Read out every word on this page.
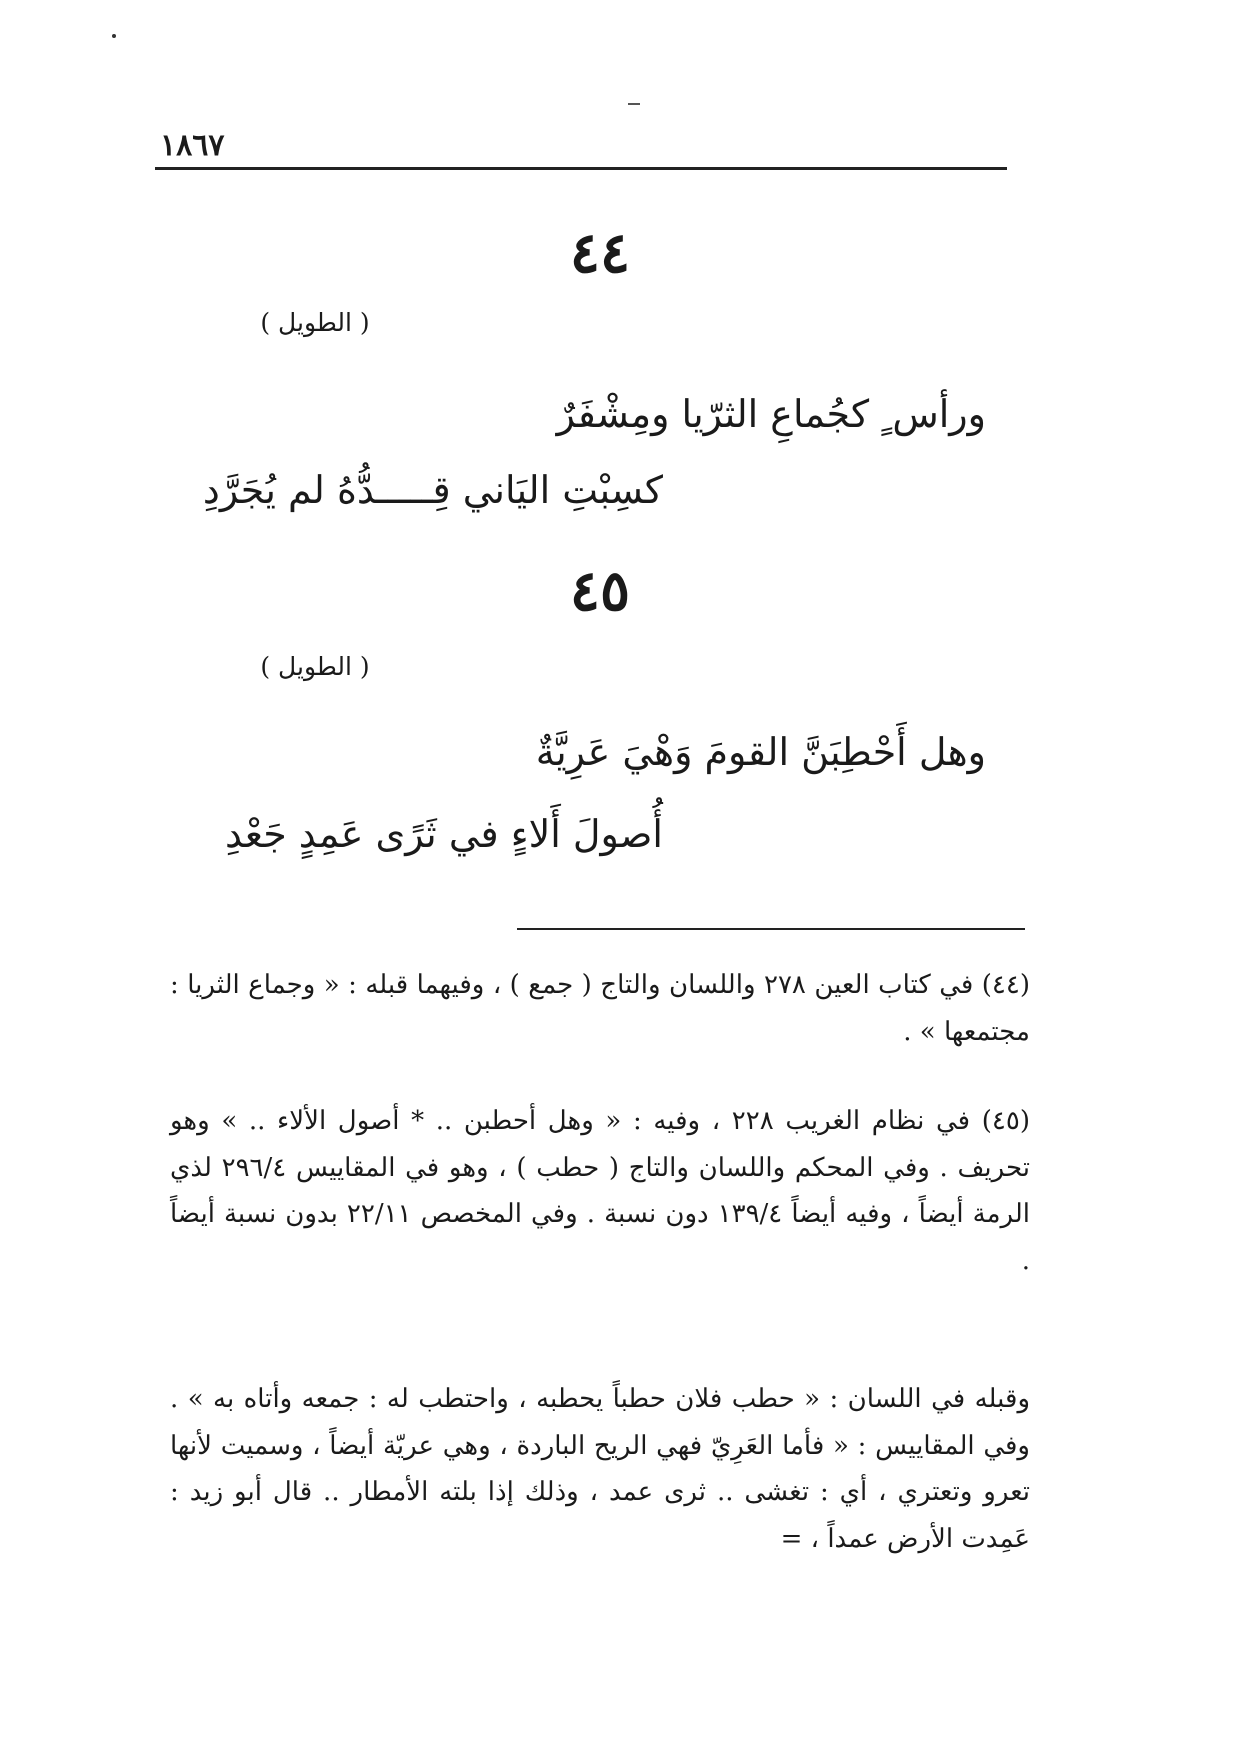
١٨٦٧
٤٤
( الطويل )
ورأس ٍ كجُماعِ الثرّيا ومِشْفَرٌ
كسِبْتِ اليَاني قِـــــدُّهُ لم يُجَرَّدِ
٤٥
( الطويل )
وهل أَحْطِبَنَّ القومَ وَهْيَ عَرِيَّةٌ
أُصولَ أَلاءٍ في ثَرًى عَمِدٍ جَعْدِ

(٤٤) في كتاب العين ٢٧٨ واللسان والتاج ( جمع ) ، وفيهما قبله : « وجماع الثريا : مجتمعها » .

(٤٥) في نظام الغريب ٢٢٨ ، وفيه : « وهل أحطبن .. * أصول الألاء .. » وهو تحريف . وفي المحكم واللسان والتاج ( حطب ) ، وهو في المقاييس ٢٩٦/٤ لذي الرمة أيضاً ، وفيه أيضاً ١٣٩/٤ دون نسبة . وفي المخصص ٢٢/١١ بدون نسبة أيضاً .

وقبله في اللسان : « حطب فلان حطباً يحطبه ، واحتطب له : جمعه وأتاه به » . وفي المقاييس : « فأما العَرِيّ فهي الريح الباردة ، وهي عريّة أيضاً ، وسميت لأنها تعرو وتعتري ، أي : تغشى .. ثرى عمد ، وذلك إذا بلته الأمطار .. قال أبو زيد : عَمِدت الأرض عمداً ، =
